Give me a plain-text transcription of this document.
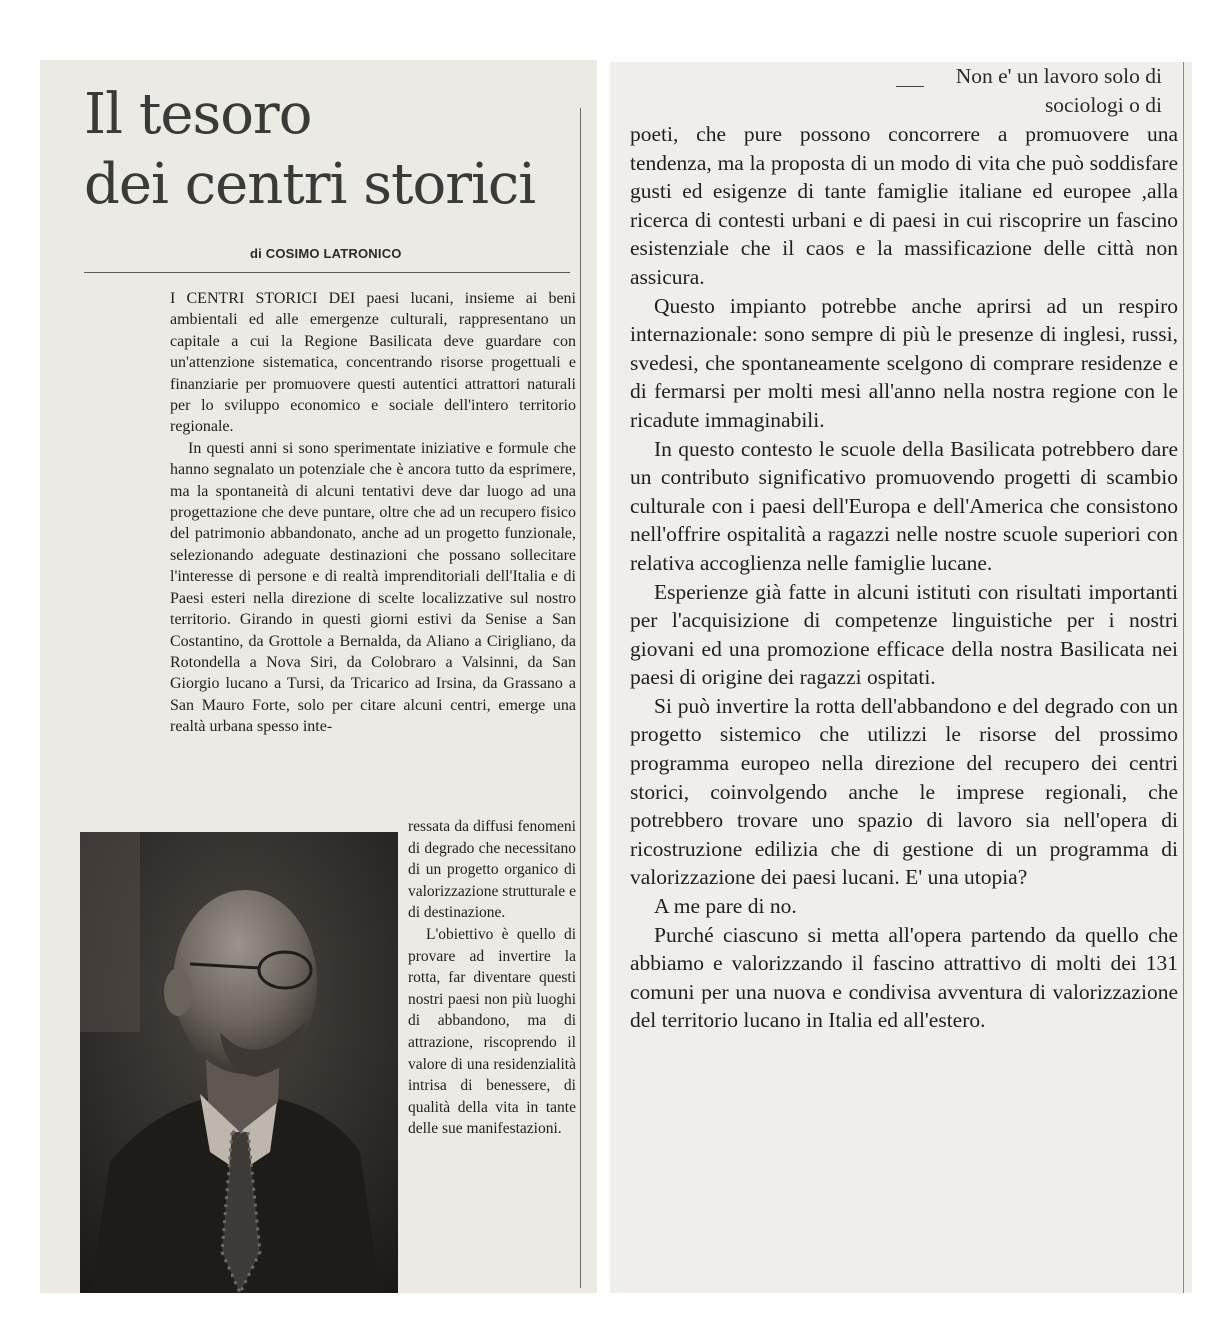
Il tesoro
dei centri storici
di COSIMO LATRONICO

I CENTRI STORICI DEI paesi lucani, insieme ai beni ambientali ed alle emergenze culturali, rappresentano un capitale a cui la Regione Basilicata deve guardare con un'attenzione sistematica, concentrando risorse progettuali e finanziarie per promuovere questi autentici attrattori naturali per lo sviluppo economico e sociale dell'intero territorio regionale.

In questi anni si sono sperimentate iniziative e formule che hanno segnalato un potenziale che è ancora tutto da esprimere, ma la spontaneità di alcuni tentativi deve dar luogo ad una progettazione che deve puntare, oltre che ad un recupero fisico del patrimonio abbandonato, anche ad un progetto funzionale, selezionando adeguate destinazioni che possano sollecitare l'interesse di persone e di realtà imprenditoriali dell'Italia e di Paesi esteri nella direzione di scelte localizzative sul nostro territorio. Girando in questi giorni estivi da Senise a San Costantino, da Grottole a Bernalda, da Aliano a Cirigliano, da Rotondella a Nova Siri, da Colobraro a Valsinni, da San Giorgio lucano a Tursi, da Tricarico ad Irsina, da Grassano a San Mauro Forte, solo per citare alcuni centri, emerge una realtà urbana spesso inte-

ressata da diffusi fenomeni di degrado che necessitano di un progetto organico di valorizzazione strutturale e di destinazione.

L'obiettivo è quello di provare ad invertire la rotta, far diventare questi nostri paesi non più luoghi di abbandono, ma di attrazione, riscoprendo il valore di una residenzialità intrisa di benessere, di qualità della vita in tante delle sue manifestazioni.

Non e' un lavoro solo di sociologi o di

poeti, che pure possono concorrere a promuovere una tendenza, ma la proposta di un modo di vita che può soddisfare gusti ed esigenze di tante famiglie italiane ed europee ,alla ricerca di contesti urbani e di paesi in cui riscoprire un fascino esistenziale che il caos e la massificazione delle città non assicura.

Questo impianto potrebbe anche aprirsi ad un respiro internazionale: sono sempre di più le presenze di inglesi, russi, svedesi, che spontaneamente scelgono di comprare residenze e di fermarsi per molti mesi all'anno nella nostra regione con le ricadute immaginabili.

In questo contesto le scuole della Basilicata potrebbero dare un contributo significativo promuovendo progetti di scambio culturale con i paesi dell'Europa e dell'America che consistono nell'offrire ospitalità a ragazzi nelle nostre scuole superiori con relativa accoglienza nelle famiglie lucane.

Esperienze già fatte in alcuni istituti con risultati importanti per l'acquisizione di competenze linguistiche per i nostri giovani ed una promozione efficace della nostra Basilicata nei paesi di origine dei ragazzi ospitati.

Si può invertire la rotta dell'abbandono e del degrado con un progetto sistemico che utilizzi le risorse del prossimo programma europeo nella direzione del recupero dei centri storici, coinvolgendo anche le imprese regionali, che potrebbero trovare uno spazio di lavoro sia nell'opera di ricostruzione edilizia che di gestione di un programma di valorizzazione dei paesi lucani. E' una utopia?

A me pare di no.

Purché ciascuno si metta all'opera partendo da quello che abbiamo e valorizzando il fascino attrattivo di molti dei 131 comuni per una nuova e condivisa avventura di valorizzazione del territorio lucano in Italia ed all'estero.
